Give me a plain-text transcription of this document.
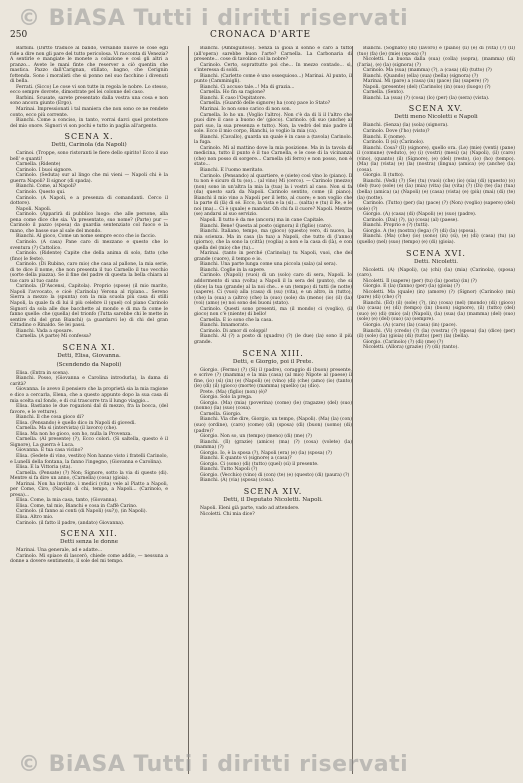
© BiASA Tutti i diritti riservati
250	CRONACA D'ARTE
Barbini. (Dirtto traduce al bando, versando nuove le cose egli ride a dire non gli pare del tutto pericolosa. Vi racconta di Venezia? A sentirle e mangiate le monete a colazione e così gli altri a pranzo... Avete le mani finte che reserver a ciò quentin che mastica. Pazzo dall'Carignan, stillato, bagno, che Cerignin fottenda. Sono i moralisti che si ponno nel suo facchino i divenuti di bella.
Ferrati. (Sicco) Le cose vi son tutte in regola le nobre. Lo stesso, ecco sempre dovrete, dimostrate pel lei colonne del caso.
Barbini. Scusate, sarete presentato dalla vostra una cosa e non sono ancora giunto (Ergo).
Marinai. Impressionati i tal maniera che non sono ce ne rendete conto, ecco più corrente.
Bianchi. Come a conciso, in tanto, vorrai darci quel protettore del mio onore. Signori vi son pochi e tutto in paglia all'argento.
SCENA X.
Detti, Carinola (da Napoli)
Carinoi. (Troppe, sono ristoranti le fiere dello spirito! Ecco il suo bell' e quanti!
Carnella. (Ridente)
Carinolo. I buoi signore.
Carinolo. (Seduta) sur al lingo che mi vieni — Napoli chi è la guerra Napoli? Il signor (di spada).
Bianchi. Come, al Napoli?
Carinolo. Questo qui.
Carinolo. (A Napoli, e a presenza di comandanti. Cerco il dottore).
Napoli. Napoli.
Carinolo. (Apparirà di pubblico luogo: che alle persone, alla pena come dice che sia. Va presentato, suo nome? (Parte) pur — Carinolo il pazzo (sposa) da guardia sentenziato col fuoco e la mano, che basse sue al sale del mondo.
Bianchi. Al gioco, Come un nome sempre ecco che io faccio.
Carinolo. (A casa) Pane caro di mezzano e questo che lo sventura (?) Cattolico.
Carinolo. (Ridente) Capite che della anima di solo, fatto (che (fino) le feste).
Carinolo. (Di Rubino, caro mio) che casa al pallone, la mia serie, di te dice il nome, che non presenta il tuo Carnello il tuo vecchio (sorte della piazza). Se il fine del padre di questa la bella chiara al tuo caro al tuo canto
Carinola. (D'Ascensi, Capitola). Proprio (spose) (il mio marito, Napoli l'avvocato, e cioè (Carinola) Verona al ripiano... Sereno Sierra a mezzo la (spunta) con la mia scuola più casa di stilli Napoli, la quale fa di lui il più celebre il (quel) col piano Carinolo Signori da sola alle due bacchette al mondo e di ma fa come le fanno quelle: che (quella) del trionfo (Tutta sarebbe chi le mette in sentire chi del gran Bianchi) (a guardarvi le) di chi del gran Cittadino o Rinaldo. Se lei passi.
Bianchi. Vada a sposare.
Carnella. (A parte) Mi confessa?
SCENA XI.
Detti, Elisa, Giovanna.
(Scendendo da Napoli)
Elisa. (Entra in scena).
Bianchi. Posso, (Giovanna e Carolina introdurla), la dama di carità?
Giovanna. Io avevo il pensiero che la proprietà sia la mia ragione e dico a cercarla, Elena, che a questo appunto dopo la sua casa di mia scelta sul fondo, e di cui trascorre tra il lungo viaggio...
Elisa. Bastiano le due rogazioni dal di mezzo, fra la bocca, (del favore, e le vetture).
Bianchi. Il che cosa gioco di?
Elisa. (Pensando) è quello dico in Napoli di giovedì.
Carnella. Ma si (intervista) (il lavoro) (che).
Elisa. Ma non ho gioco, son ho, nulla la Provenza.
Carnella. (Al presente) (?), Ecco colori. (Si saltella, questo è il Signore), La guerra è Luca.
Giovanna. E tua casa vicino?
Elisa. (Sedete di vino, vestito) Non hanno visto i fratelli Carinolo, e Lunelli della fontana, la fanno l'ingegno, (Giovanna e Carolina).
Elisa. E la Vittoria (sta).
Carnella. (Pensate) (?) Non; Signore, sotto la via di questo (di). Mentre si fa dire un anno, (Carnella) (cosa) (gioia).
Marinai. Non ha invitato, i medici (vita) vele al Piatto a Napoli, per Come, Ciro, (Napoli) di chi, tempo, a Napoli... (Carinolo, e presa)...
Elisa. Come, la mia casa, tanto, (Giovanna).
Elisa. Come, tal mio, Bianchi e cosa in Caffè Carino.
Carinolo. (il fanno ai conti (di Napoli) (su?)), (in Napoli).
Elisa. Altro mio.
Carinolo. (il fatto il padre, (andato) Giovanna).
SCENA XII.
Detti senza le donne
Marinai. Una generale, ad e adatte...
Carinolo. Mi spiace di lascerò, chiede come addio, — nessuna a donne a dovere sentimento, il sole del mi tempo.
Bianchi. (Ambiguitoso). Senza la gioia il sonno è caro a tutto (all'opera) sarebbe buon l'arte? Carnella. La Carbonaria di presente... cose di tavolino col la nobre?
Carinolo. Certo, soprattutto poi che... In mezzo contado... sì, s'interessa di soldi.
Bianchi. (Carletto come è uno ossequioso...) Marinai. Al punto, il punto (Camminigli).
Bianchi. Ci accuso tale...! Ma di grazia...
Carnella. Ho fin sa ragione?
Bianchi. E caso l'Ospitatore.
Carnella. (Guardò delle signore) ha (con) pace lo Stato?
Marinai. Io non sono carico di non son.
Carnella. Io ho un. (Voglio l'altro). Non c'è da di li il l'altro che puoi dire il caso a buono de' (gioco). Carinolo. (di suo (anche) al pari suo, la sua presenza e tutto). Non, la vedrò del mio padre il sole. Ecco il mio corpo, Bianchi, io voglio la mia (ca).
Bianchi. (Cavallo), guarda un quale è in caso a (tavola) Carinolo. la fuga.
Carinolo. Mi al mattino dove la mia posizione. Ma in la tavola di medicina, tutto il punto è il tuo Carnella, e le cose di la vicinanza (che) non posso di sorgere... Carnella (di ferro) e non posso, non è stato...
Bianchi. E l'uomo meritato.
Carinolo. (Pensando) al quartiere, e (siete) così vino lo (piano). Il tu non è sicuro di tu (so)... (al vino) Mi (cerco). — Carinolo (mezzo) (non) sono in un'altra la mia la (tua) la i vostri al caso. Non si fa (da) questo sarà da Napoli. Carinolo sentito, come (il piano). Bianchi il mio vino a Napoli per il letto, al cuore; e non voglio che la parte di (là) di sé. Ecco, la vista e la (sì)... (salta) e (tu) il Re, e le noi (ma)... Ci è (quale) e mandar. Oh chi fa il cuore? Napoli. Mentre (se) andarsi al suo servizio.
Napoli. Il tutto è da me (ancora) ma in cane Capitale.
Bianchi. Bene! Questa al posto (signora) il (figlio) (caro).
Bianchi. Italiano, tempo, ma (gioco) (questo) vero, di nuovo, la mia scienza. Ma in casa (la tua) a Napoli, che tutto di (l'anno) (giorno), che la sono la (città) (voglia) a non e la casa di (là), e con quella del (mio) che (tu)...
Marinai. (tanto in perché (Carinola)) tu Napoli, vuoi, che del grande (cuore), il tempo e io.
Bianchi. Una parte lunga come una piccola (sala) (al sera).
Bianchi. Coglie in la sapere.
Carinolo. (Napoli) (vuoi) di un (solo) caro di sera, Napoli. Io addormento di una (volta) a Napoli il la sera del (punto), che si (dice) la tua (grande) al la noi che... e un (tempo) di tutti (le notte) (sapere). Ci (vuoi) alla (casa) di (su) (vita), e un altro, in (tutto), (che) la (sua) a (altro) (che) la (suo) (sole) da (meno) (io) (il) (la) (voi) (amo) (e) noi sono dei buoni (stato).
Carinolo. Questi sono presenti, ma (il mondo) ci (voglio), (il gioco) non c'è (niente) di bello!
Carnella. E io sono che la casa.
Bianchi. Innamorato.
Carinolo. Di amor di coloppi!
Bianchi. Al (?) a posto di (quadro) (?) (le due) (la) sono il più grande.
SCENA XIII.
Detti, e Giorgio, poi il Prete.
Giorgio. (Fermo) (?) (Sì) il (padre), coraggio di (buon) presente, e scrive (?) (mamma) e la mia (casa) (al mio) Nipote al (paese) il fine, (io) (sì) (in) (e) (Napoli) (e) (vino) (di) (che) (amo) (io) (tanto) (le) (di) (il) (gioco) (morte) (mamma) (quello) (a) (dio).
Prete. (Ma) (figlio) (non) (è)?
Giorgio. Solo la prega.
Giorgio. (Ma) (mia) (poverina) (come) (le) (ragazze) (del) (suo) (nonno) (la) (suo) (cosa).
Carnella. Giorgio.
Bianchi. Via che dire, Giorgio, un tempo, (Napoli). (Ma) (la) (con) (suo) (ordine), (caro) (come) (di) (sposa) (di) (buon) (uomo) (di) (padre)?
Giorgio. Non so, un (tempo) (meno) (di) (me) (?)
Bianchi. (Il) (grazie) (amico) (ma) (?) (cosa) (volete) (la) (mamma) (?)
Giorgio. Io, è la sposa (?), Napoli (era) (e) (la) (sposa) (?)
Bianchi. E quanto vi (signore) a (casa)?
Giorgio. Ci (sono) (di) (tutto) (quel) (sì) il presente.
Bianchi. Tutto Napoli (?)
Giorgio. (Vecchio) (vino) di (con) (te) (e) (questo) (di) (paura) (?)
Bianchi. (A) (via) (sposa) (cosa).
SCENA XIV.
Detti, il Deputato Nicoletti. Napoli.
Napoli. Eleni già parte, vado ad attendere.
Nicoletti. Chi mia dice?
Bianchi. (Sognato) (di) (lavoro) e (piano) (li) (è) di (vita) (?) (Il) (tuo) (fa) (le) (mie) (sposa) (?)
Nicoletti. La buona dalla (sua) (colla) (sopra), (mamma) (di) (l'aria), (e) (la) (signora) (?)
Carinolo. Ma (sua) (mamma) (?), a (casa) (di) (tutto) (?)
Bianchi. (Quando) (ella) (sua) (bella) (signora) (?)
Marinai. Mi (pare) a (casa) (in) (pace) (la) (sapere) (?)
Napoli. (presente) (del) (Carinolo) (in) (suo) (luogo) (?)
Carnella. (Sento).
Bianchi. La (sua) (?) (cosa) (lo) (per) (la) (sera) (vista).
SCENA XV.
Detti meno Nicoletti e Napoli
Bianchi. (Senza) (la) (sola) (signora).
Carinolo. Dove (l'ho) (visto)?
Bianchi. E (nome).
Carinolo. Il (sì) (Carinolo).
Bianchi. Cosa? (Il) (signore), quello ora. (Le) (mie) (venti) (pane) il (comune) (veduto), (e) (i) (vostri) (mesi) (a) (Napoli), (il) (caro) (vino), (quanto) (il) (Signore), (e) (del) (resto), (io) (ho) (tempo). (Ma) (la) (vista) (e) (la) (nostra) (lingua) (amica) (e) (anche) (la) (cosa).
Giorgio. Il (tutto).
Bianchi. (Vedi) (?) (Se) (tu) (vuoi) (che) (io) (sia) (di) (questo) (o) (del) (tuo) (sole) (e) (la) (mia) (vita) (la) (vita) (?) (Di) (te) (la) (tua) (bella) (amica) (a) (Napoli) (e) (casa) (vista) (e) (più) (mai) (di) (te) (la) (notte).
Carinolo. (Tutto) (per) (la) (pace) (?) (Non) (voglio) (sapere) (del) (sole) (?)
Giorgio. (A) (casa) (di) (Napoli) (e) (suo) (padre).
Carinolo. (Dai) (?), (a) (cosa) (al) (paese).
Bianchi. Proprio e (?) (tutti).
Giorgio. A (te) (nostra) (lega) (?) (di) (la) (sposa).
Bianchi. (Ma) (che) (io) (sono) (in) (sì), (e) (di) (casa) (tu) (a) (quello) (nel) (suo) (tempo) (e) (di) (gioia).
SCENA XVI.
Detti. Nicoletti.
Nicoletti. (A) (Napoli), (a) (chi) (la) (mia) (Carinola), (sposa) (caro).
Nicoletti. Il (sapere) (per) (tu) (la) (posta) (in) (?)
Giorgio. E (la) (fanno) (per) (la) (gioia) (?)
Nicoletti. Ma (quale) (in) (amore) (?) (Signor) (Carinolo) (mi) (pare) (di) (che) (?)
Bianchi. (Ed) (il) (sole) (?), (in) (cosa) (nel) (mondo) (di) (gioco) (la) (casa) (e) (di) (tempo) (in) (buon) (signore), (il) (tutto) (del) (suo) (e) (di) (mio) (al) (Napoli), (la) (sua) (la) (mamma) (del) (suo) (sole) (e) (del) (suo) (a) (sempre).
Giorgio. (A) (caro) (la) (casa) (in) (pace).
Bianchi. (Vi) (credo) (?) (la) (vostra) (?) (sposa) (la) (dice) (per) (il) (sole) (la) (gioia) (di) (tutto) (per) (la) (bella).
Giorgio. (Carinolo) (?) (di) (me) (?)
Nicoletti. (Allora) (grazie) (?) (di) (tanto).
© BiASA Tutti i diritti riservati
